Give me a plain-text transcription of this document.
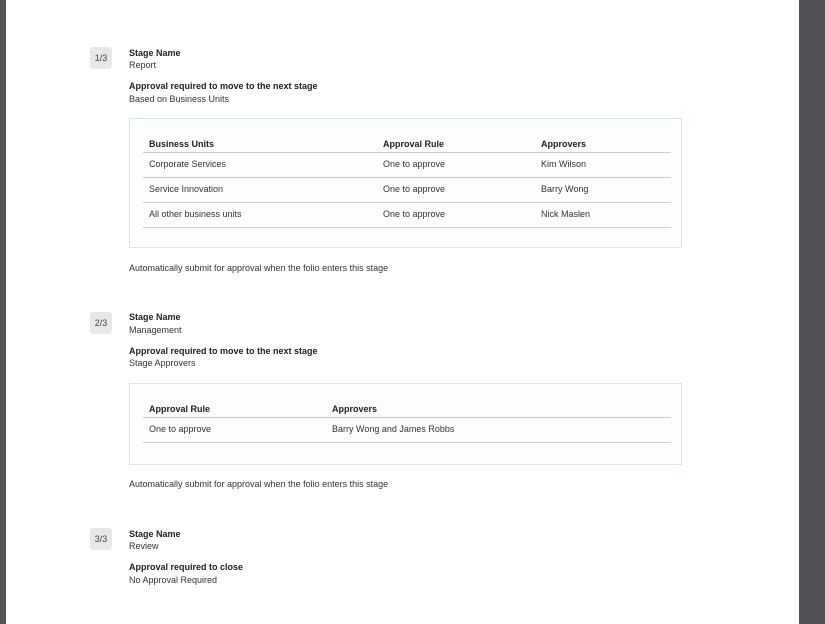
1/3	Stage Name
Report
Approval required to move to the next stage
Based on Business Units
Business Units	Approval Rule	Approvers
Corporate Services	One to approve	Kim Wilson
Service Innovation	One to approve	Barry Wong
All other business units	One to approve	Nick Maslen
Automatically submit for approval when the folio enters this stage
2/3
Stage Name
Management
Approval required to move to the next stage
Stage Approvers
Approval Rule	Approvers
One to approve	Barry Wong and James Robbs
Automatically submit for approval when the folio enters this stage
3/3	Stage Name
Review
Approval required to close
No Approval Required
